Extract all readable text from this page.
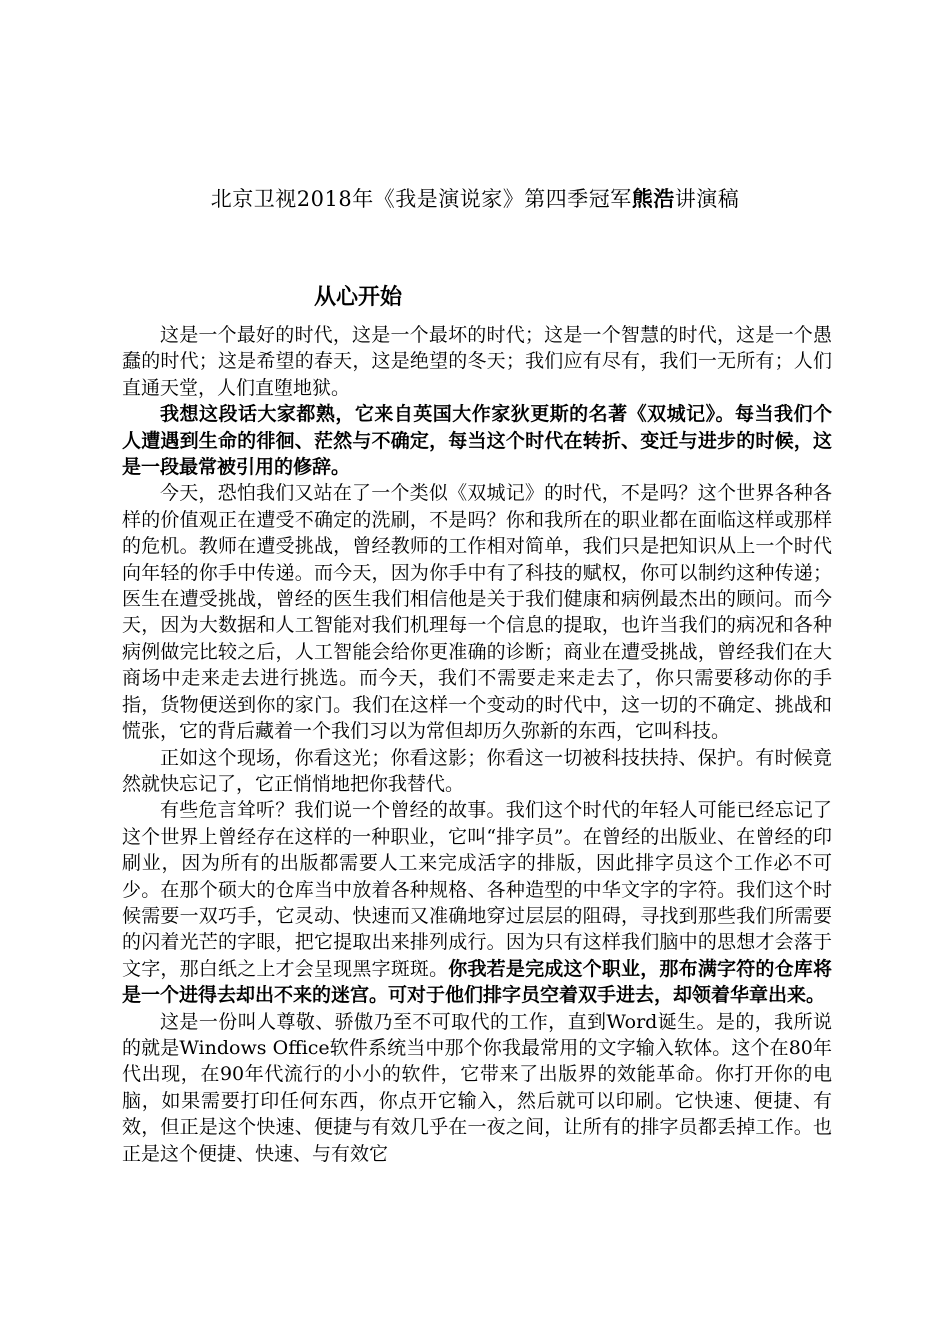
北京卫视2018年《我是演说家》第四季冠军熊浩讲演稿
从心开始

这是一个最好的时代，这是一个最坏的时代；这是一个智慧的时代，这是一个愚蠢的时代；这是希望的春天，这是绝望的冬天；我们应有尽有，我们一无所有；人们直通天堂，人们直堕地狱。

我想这段话大家都熟，它来自英国大作家狄更斯的名著《双城记》。每当我们个人遭遇到生命的徘徊、茫然与不确定，每当这个时代在转折、变迁与进步的时候，这是一段最常被引用的修辞。

今天，恐怕我们又站在了一个类似《双城记》的时代，不是吗？这个世界各种各样的价值观正在遭受不确定的洗刷，不是吗？你和我所在的职业都在面临这样或那样的危机。教师在遭受挑战，曾经教师的工作相对简单，我们只是把知识从上一个时代向年轻的你手中传递。而今天，因为你手中有了科技的赋权，你可以制约这种传递；医生在遭受挑战，曾经的医生我们相信他是关于我们健康和病例最杰出的顾问。而今天，因为大数据和人工智能对我们机理每一个信息的提取，也许当我们的病况和各种病例做完比较之后，人工智能会给你更准确的诊断；商业在遭受挑战，曾经我们在大商场中走来走去进行挑选。而今天，我们不需要走来走去了，你只需要移动你的手指，货物便送到你的家门。我们在这样一个变动的时代中，这一切的不确定、挑战和慌张，它的背后藏着一个我们习以为常但却历久弥新的东西，它叫科技。

正如这个现场，你看这光；你看这影；你看这一切被科技扶持、保护。有时候竟然就快忘记了，它正悄悄地把你我替代。

有些危言耸听？我们说一个曾经的故事。我们这个时代的年轻人可能已经忘记了这个世界上曾经存在这样的一种职业，它叫“排字员”。在曾经的出版业、在曾经的印刷业，因为所有的出版都需要人工来完成活字的排版，因此排字员这个工作必不可少。在那个硕大的仓库当中放着各种规格、各种造型的中华文字的字符。我们这个时候需要一双巧手，它灵动、快速而又准确地穿过层层的阻碍，寻找到那些我们所需要的闪着光芒的字眼，把它提取出来排列成行。因为只有这样我们脑中的思想才会落于文字，那白纸之上才会呈现黑字斑斑。你我若是完成这个职业，那布满字符的仓库将是一个进得去却出不来的迷宫。可对于他们排字员空着双手进去，却领着华章出来。

这是一份叫人尊敬、骄傲乃至不可取代的工作，直到Word诞生。是的，我所说的就是Windows Office软件系统当中那个你我最常用的文字输入软体。这个在80年代出现，在90年代流行的小小的软件，它带来了出版界的效能革命。你打开你的电脑，如果需要打印任何东西，你点开它输入，然后就可以印刷。它快速、便捷、有效，但正是这个快速、便捷与有效几乎在一夜之间，让所有的排字员都丢掉工作。也正是这个便捷、快速、与有效它
